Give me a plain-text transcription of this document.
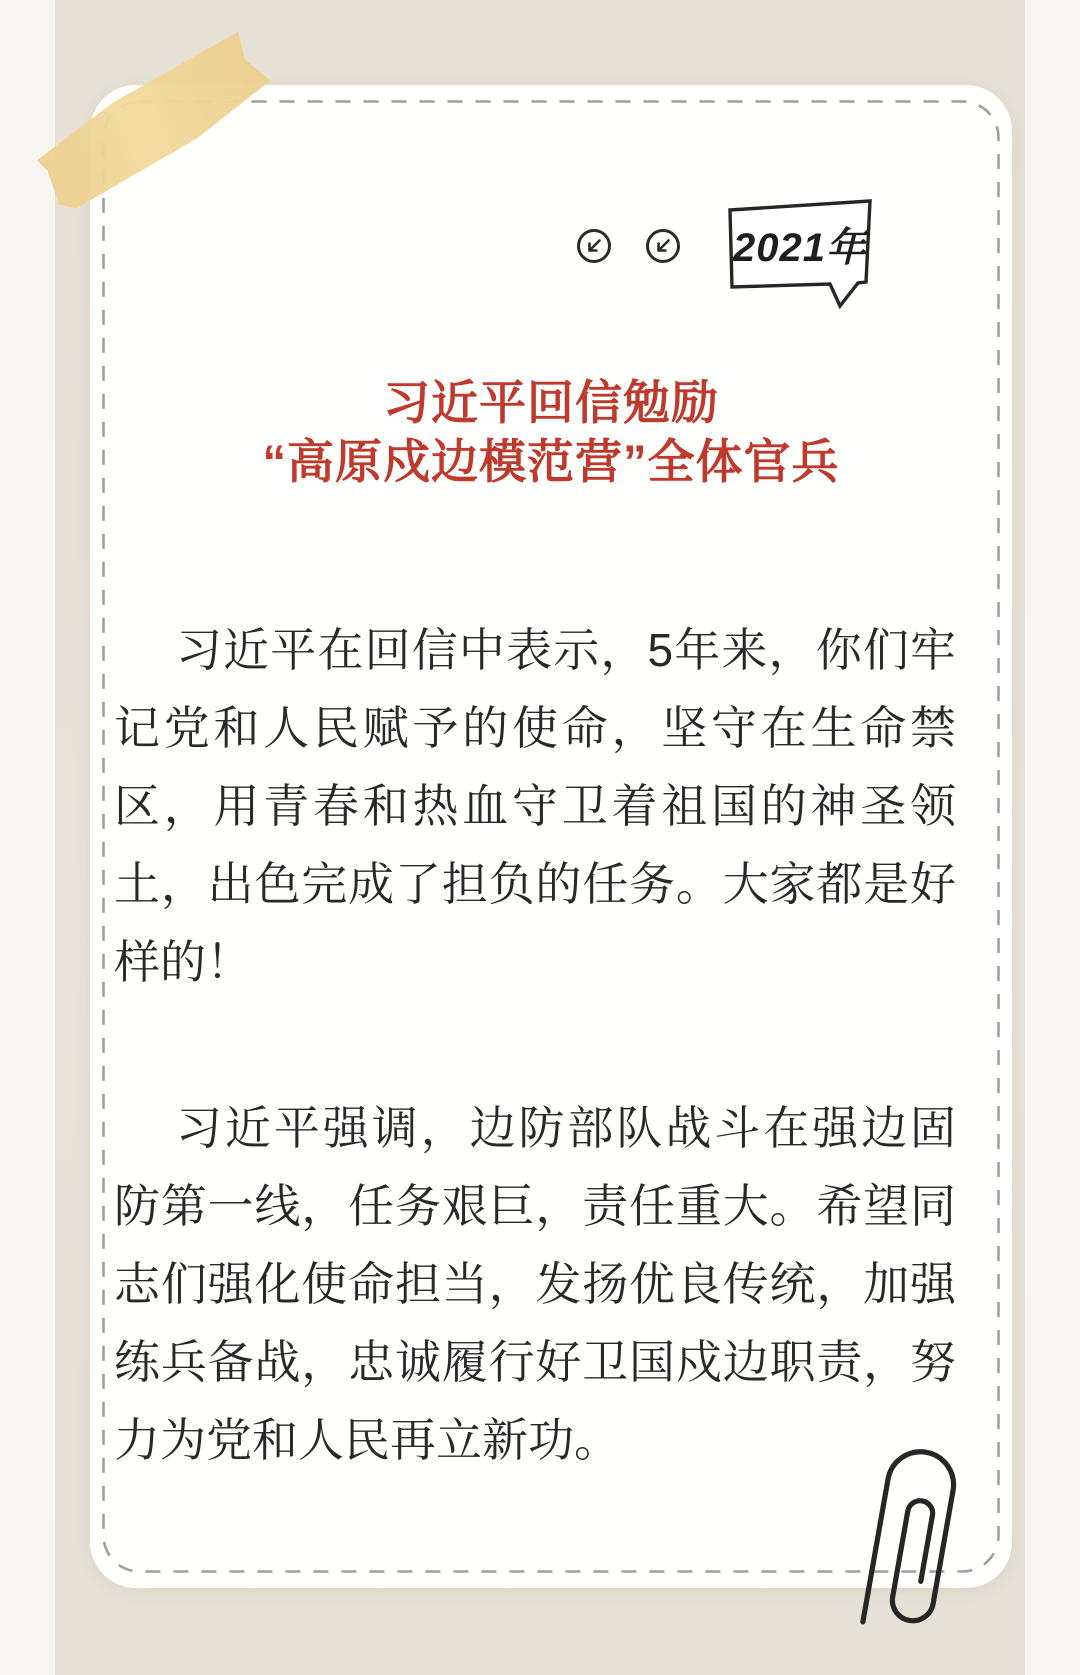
2021年
习近平回信勉励
“高原戍边模范营”全体官兵

习近平在回信中表示，5年来，你们牢记党和人民赋予的使命，坚守在生命禁区，用青春和热血守卫着祖国的神圣领土，出色完成了担负的任务。大家都是好样的！

习近平强调，边防部队战斗在强边固防第一线，任务艰巨，责任重大。希望同志们强化使命担当，发扬优良传统，加强练兵备战，忠诚履行好卫国戍边职责，努力为党和人民再立新功。
